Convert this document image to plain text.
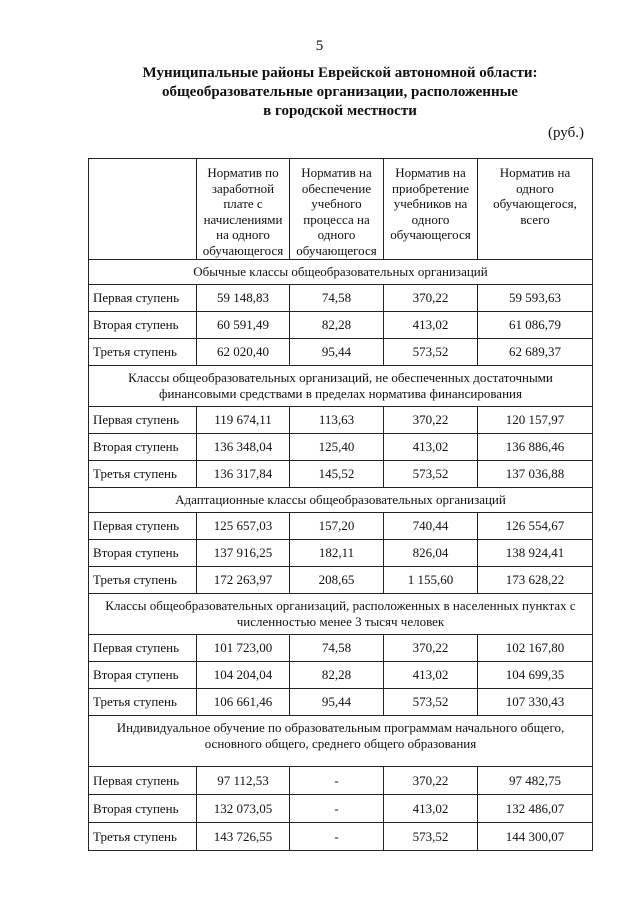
5
Муниципальные районы Еврейской автономной области:
общеобразовательные организации, расположенные
в городской местности
(руб.)
	Норматив по заработной плате с начислениями на одного обучающегося	Норматив на обеспечение учебного процесса на одного обучающегося	Норматив на приобретение учебников на одного обучающегося	Норматив на одного обучающегося, всего
Обычные классы общеобразовательных организаций				
Первая ступень	59 148,83	74,58	370,22	59 593,63
Вторая ступень	60 591,49	82,28	413,02	61 086,79
Третья ступень	62 020,40	95,44	573,52	62 689,37
Классы общеобразовательных организаций, не обеспеченных достаточными финансовыми средствами в пределах норматива финансирования				
Первая ступень	119 674,11	113,63	370,22	120 157,97
Вторая ступень	136 348,04	125,40	413,02	136 886,46
Третья ступень	136 317,84	145,52	573,52	137 036,88
Адаптационные классы общеобразовательных организаций				
Первая ступень	125 657,03	157,20	740,44	126 554,67
Вторая ступень	137 916,25	182,11	826,04	138 924,41
Третья ступень	172 263,97	208,65	1 155,60	173 628,22
Классы общеобразовательных организаций, расположенных в населенных пунктах с численностью менее 3 тысяч человек				
Первая ступень	101 723,00	74,58	370,22	102 167,80
Вторая ступень	104 204,04	82,28	413,02	104 699,35
Третья ступень	106 661,46	95,44	573,52	107 330,43
Индивидуальное обучение по образовательным программам начального общего, основного общего, среднего общего образования				
Первая ступень	97 112,53	-	370,22	97 482,75
Вторая ступень	132 073,05	-	413,02	132 486,07
Третья ступень	143 726,55	-	573,52	144 300,07
